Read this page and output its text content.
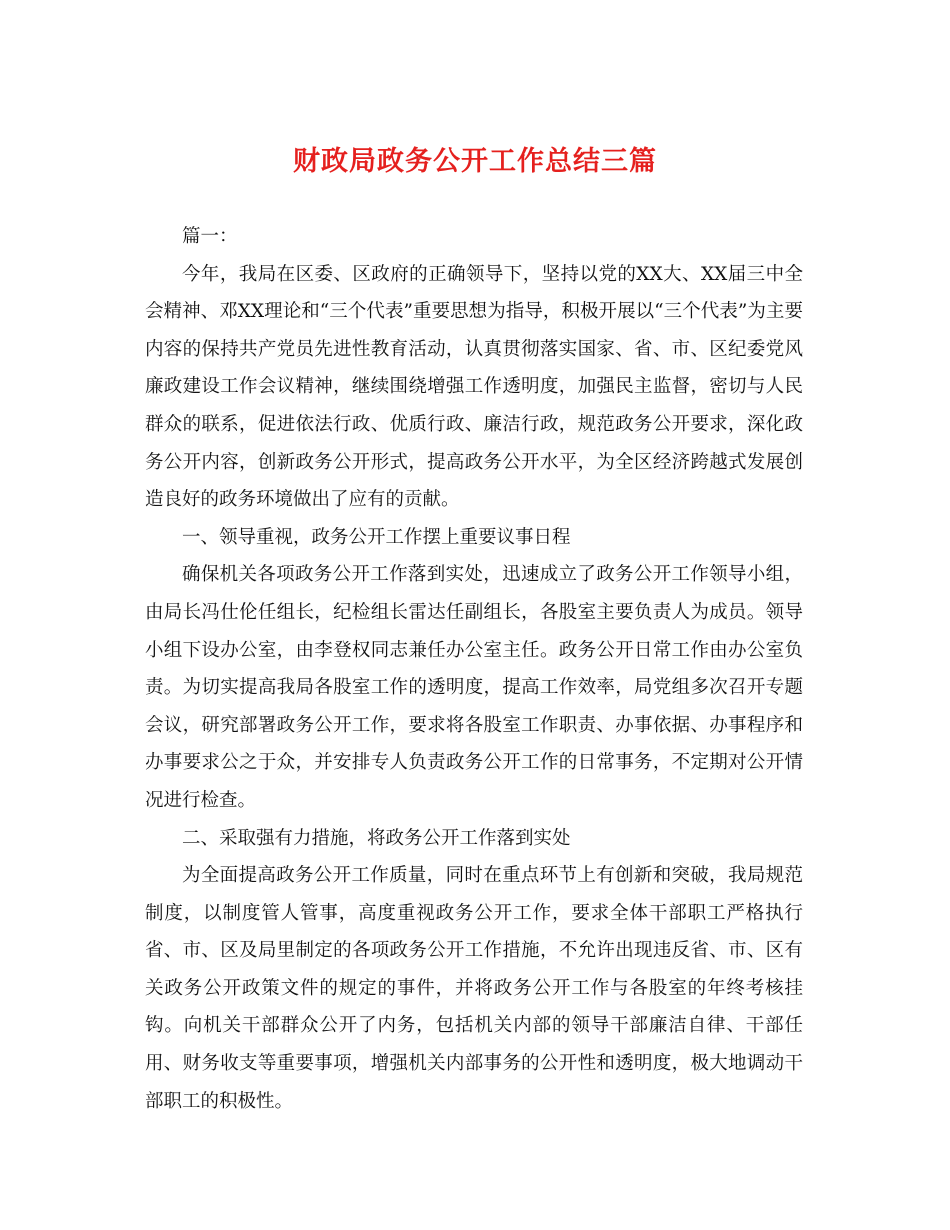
财政局政务公开工作总结三篇

篇一：

今年，我局在区委、区政府的正确领导下，坚持以党的XX大、XX届三中全会精神、邓XX理论和“三个代表”重要思想为指导，积极开展以“三个代表”为主要内容的保持共产党员先进性教育活动，认真贯彻落实国家、省、市、区纪委党风廉政建设工作会议精神，继续围绕增强工作透明度，加强民主监督，密切与人民群众的联系，促进依法行政、优质行政、廉洁行政，规范政务公开要求，深化政务公开内容，创新政务公开形式，提高政务公开水平，为全区经济跨越式发展创造良好的政务环境做出了应有的贡献。

一、领导重视，政务公开工作摆上重要议事日程

确保机关各项政务公开工作落到实处，迅速成立了政务公开工作领导小组，由局长冯仕伦任组长，纪检组长雷达任副组长，各股室主要负责人为成员。领导小组下设办公室，由李登权同志兼任办公室主任。政务公开日常工作由办公室负责。为切实提高我局各股室工作的透明度，提高工作效率，局党组多次召开专题会议，研究部署政务公开工作，要求将各股室工作职责、办事依据、办事程序和办事要求公之于众，并安排专人负责政务公开工作的日常事务，不定期对公开情况进行检查。

二、采取强有力措施，将政务公开工作落到实处

为全面提高政务公开工作质量，同时在重点环节上有创新和突破，我局规范制度，以制度管人管事，高度重视政务公开工作，要求全体干部职工严格执行省、市、区及局里制定的各项政务公开工作措施，不允许出现违反省、市、区有关政务公开政策文件的规定的事件，并将政务公开工作与各股室的年终考核挂钩。向机关干部群众公开了内务，包括机关内部的领导干部廉洁自律、干部任用、财务收支等重要事项，增强机关内部事务的公开性和透明度，极大地调动干部职工的积极性。
